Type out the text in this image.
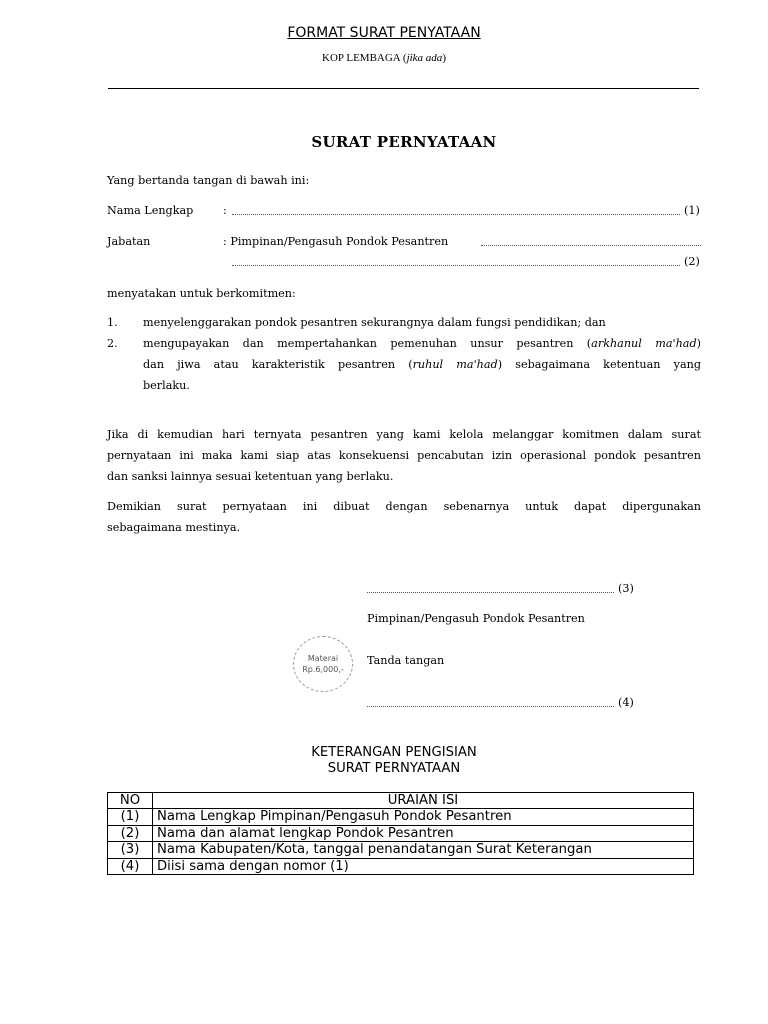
FORMAT SURAT PENYATAAN
KOP LEMBAGA (jika ada)
SURAT PERNYATAAN
Yang bertanda tangan di bawah ini:
Nama Lengkap	:	(1)
Jabatan	: Pimpinan/Pengasuh Pondok Pesantren
(2)
menyatakan untuk berkomitmen:
1. menyelenggarakan pondok pesantren sekurangnya dalam fungsi pendidikan; dan
2. mengupayakan dan mempertahankan pemenuhan unsur pesantren (arkhanul ma'had)
dan jiwa atau karakteristik pesantren (ruhul ma'had) sebagaimana ketentuan yang
berlaku.
Jika di kemudian hari ternyata pesantren yang kami kelola melanggar komitmen dalam surat
pernyataan ini maka kami siap atas konsekuensi pencabutan izin operasional pondok pesantren
dan sanksi lainnya sesuai ketentuan yang berlaku.
Demikian surat pernyataan ini dibuat dengan sebenarnya untuk dapat dipergunakan
sebagaimana mestinya.
(3)
Pimpinan/Pengasuh Pondok Pesantren
Materai
Rp.6,000,-
Tanda tangan
(4)
KETERANGAN PENGISIAN
SURAT PERNYATAAN
NO	URAIAN ISI
(1)	Nama Lengkap Pimpinan/Pengasuh Pondok Pesantren
(2)	Nama dan alamat lengkap Pondok Pesantren
(3)	Nama Kabupaten/Kota, tanggal penandatangan Surat Keterangan
(4)	Diisi sama dengan nomor (1)
